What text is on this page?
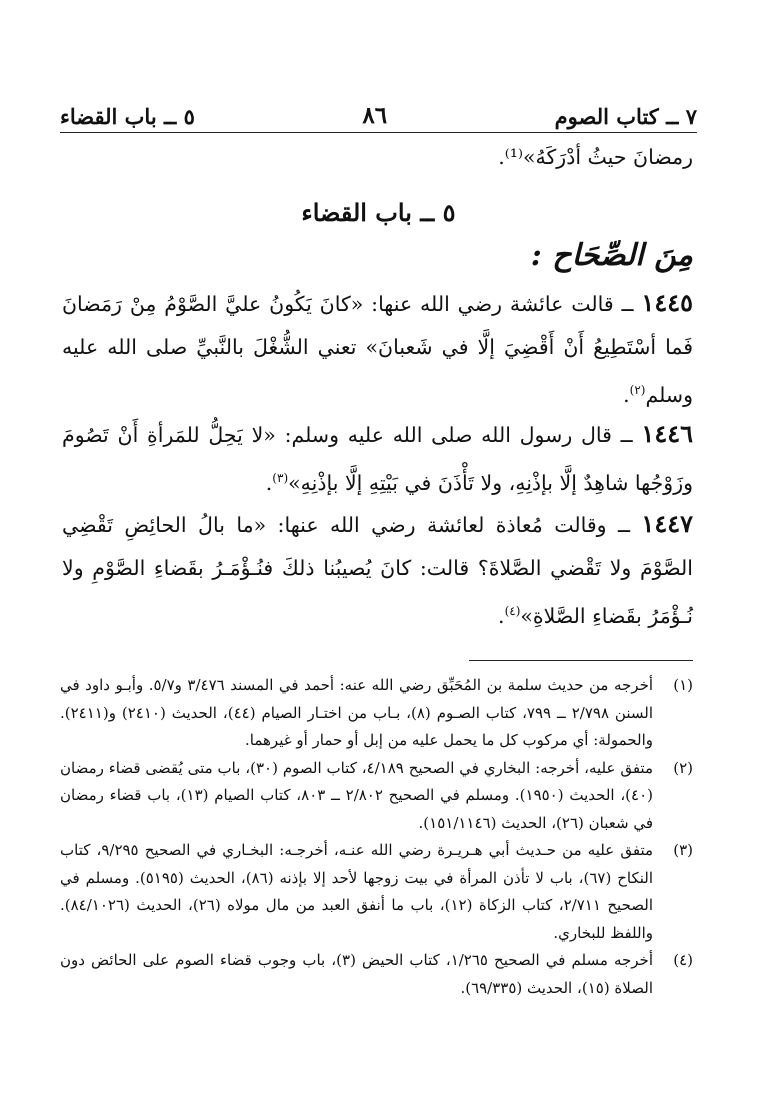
٧ ــ كتاب الصوم
٨٦
٥ ــ باب القضاء

رمضانَ حيثُ أدْرَكَهُ»⁽¹⁾.

٥ ــ باب القضاء

مِنَ الصِّحَاح :

١٤٤٥ ــ قالت عائشة رضي الله عنها: «كانَ يَكُونُ عليَّ الصَّوْمُ مِنْ رَمَضانَ فَما أسْتَطِيعُ أَنْ أَقْضِيَ إلَّا في شَعبانَ» تعني الشُّغْلَ بالنَّبيِّ صلى الله عليه وسلم$^{(٢)}$.

١٤٤٦ ــ قال رسول الله صلى الله عليه وسلم: «لا يَحِلُّ للمَرأةِ أَنْ تَصُومَ وزَوْجُها شاهِدٌ إلَّا بإذْنِهِ، ولا تَأْذَنَ في بَيْتِهِ إلَّا بإذْنِهِ»$^{(٣)}$.

١٤٤٧ ــ وقالت مُعاذة لعائشة رضي الله عنها: «ما بالُ الحائِضِ تَقْضِي الصَّوْمَ ولا تَقْضي الصَّلاةَ؟ قالت: كانَ يُصيبُنا ذلكَ فنُـؤْمَـرُ بقَضاءِ الصَّوْمِ ولا نُـؤْمَرُ بقَضاءِ الصَّلاةِ»$^{(٤)}$.

(١)
أخرجه من حديث سلمة بن المُحَبِّق رضي الله عنه: أحمد في المسند ٣/٤٧٦ و٥/٧. وأبـو داود في السنن ٢/٧٩٨ ــ ٧٩٩، كتاب الصـوم (٨)، بـاب من اختـار الصيام (٤٤)، الحديث (٢٤١٠) و(٢٤١١). والحمولة: أي مركوب كل ما يحمل عليه من إبل أو حمار أو غيرهما.
(٢)
متفق عليه، أخرجه: البخاري في الصحيح ٤/١٨٩، كتاب الصوم (٣٠)، باب متى يُقضى قضاء رمضان (٤٠)، الحديث (١٩٥٠). ومسلم في الصحيح ٢/٨٠٢ ــ ٨٠٣، كتاب الصيام (١٣)، باب قضاء رمضان في شعبان (٢٦)، الحديث (١٥١/١١٤٦).
(٣)
متفق عليه من حـديث أبي هـريـرة رضي الله عنـه، أخرجـه: البخـاري في الصحيح ٩/٢٩٥، كتاب النكاح (٦٧)، باب لا تأذن المرأة في بيت زوجها لأحد إلا بإذنه (٨٦)، الحديث (٥١٩٥). ومسلم في الصحيح ٢/٧١١، كتاب الزكاة (١٢)، باب ما أنفق العبد من مال مولاه (٢٦)، الحديث (٨٤/١٠٢٦). واللفظ للبخاري.
(٤)
أخرجه مسلم في الصحيح ١/٢٦٥، كتاب الحيض (٣)، باب وجوب قضاء الصوم على الحائض دون الصلاة (١٥)، الحديث (٦٩/٣٣٥).
